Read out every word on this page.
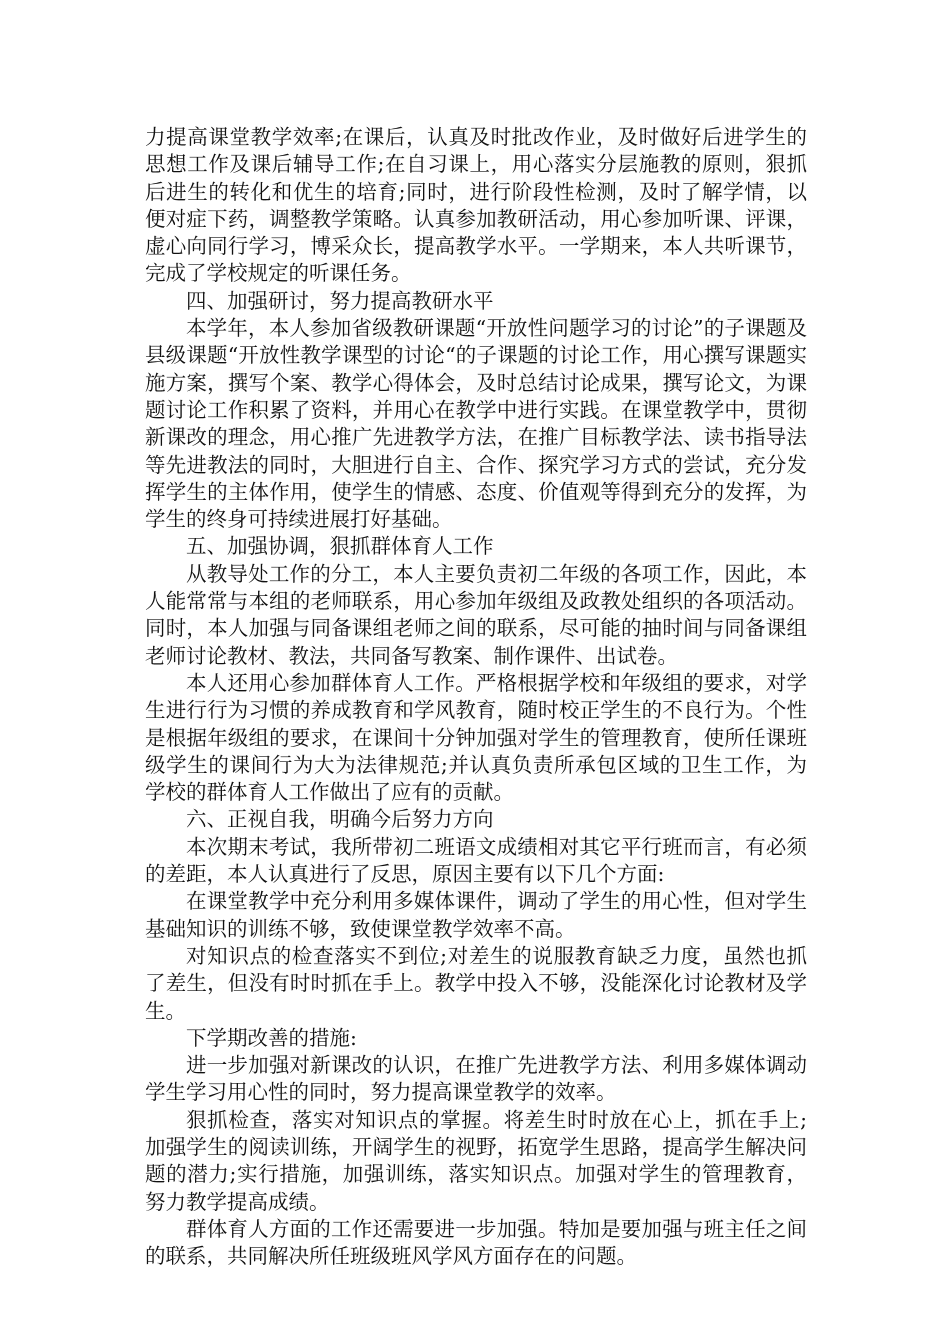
力提高课堂教学效率;在课后，认真及时批改作业，及时做好后进学生的思想工作及课后辅导工作;在自习课上，用心落实分层施教的原则，狠抓后进生的转化和优生的培育;同时，进行阶段性检测，及时了解学情，以便对症下药，调整教学策略。认真参加教研活动，用心参加听课、评课，虚心向同行学习，博采众长，提高教学水平。一学期来，本人共听课节，完成了学校规定的听课任务。

四、加强研讨，努力提高教研水平

本学年，本人参加省级教研课题“开放性问题学习的讨论”的子课题及县级课题“开放性教学课型的讨论“的子课题的讨论工作，用心撰写课题实施方案，撰写个案、教学心得体会，及时总结讨论成果，撰写论文，为课题讨论工作积累了资料，并用心在教学中进行实践。在课堂教学中，贯彻新课改的理念，用心推广先进教学方法，在推广目标教学法、读书指导法等先进教法的同时，大胆进行自主、合作、探究学习方式的尝试，充分发挥学生的主体作用，使学生的情感、态度、价值观等得到充分的发挥，为学生的终身可持续进展打好基础。

五、加强协调，狠抓群体育人工作

从教导处工作的分工，本人主要负责初二年级的各项工作，因此，本人能常常与本组的老师联系，用心参加年级组及政教处组织的各项活动。同时，本人加强与同备课组老师之间的联系，尽可能的抽时间与同备课组老师讨论教材、教法，共同备写教案、制作课件、出试卷。

本人还用心参加群体育人工作。严格根据学校和年级组的要求，对学生进行行为习惯的养成教育和学风教育，随时校正学生的不良行为。个性是根据年级组的要求，在课间十分钟加强对学生的管理教育，使所任课班级学生的课间行为大为法律规范;并认真负责所承包区域的卫生工作，为学校的群体育人工作做出了应有的贡献。

六、正视自我，明确今后努力方向

本次期末考试，我所带初二班语文成绩相对其它平行班而言，有必须的差距，本人认真进行了反思，原因主要有以下几个方面:

在课堂教学中充分利用多媒体课件，调动了学生的用心性，但对学生基础知识的训练不够，致使课堂教学效率不高。

对知识点的检查落实不到位;对差生的说服教育缺乏力度，虽然也抓了差生，但没有时时抓在手上。教学中投入不够，没能深化讨论教材及学生。

下学期改善的措施:

进一步加强对新课改的认识，在推广先进教学方法、利用多媒体调动学生学习用心性的同时，努力提高课堂教学的效率。

狠抓检查，落实对知识点的掌握。将差生时时放在心上，抓在手上;加强学生的阅读训练，开阔学生的视野，拓宽学生思路，提高学生解决问题的潜力;实行措施，加强训练，落实知识点。加强对学生的管理教育，努力教学提高成绩。

群体育人方面的工作还需要进一步加强。特加是要加强与班主任之间的联系，共同解决所任班级班风学风方面存在的问题。
